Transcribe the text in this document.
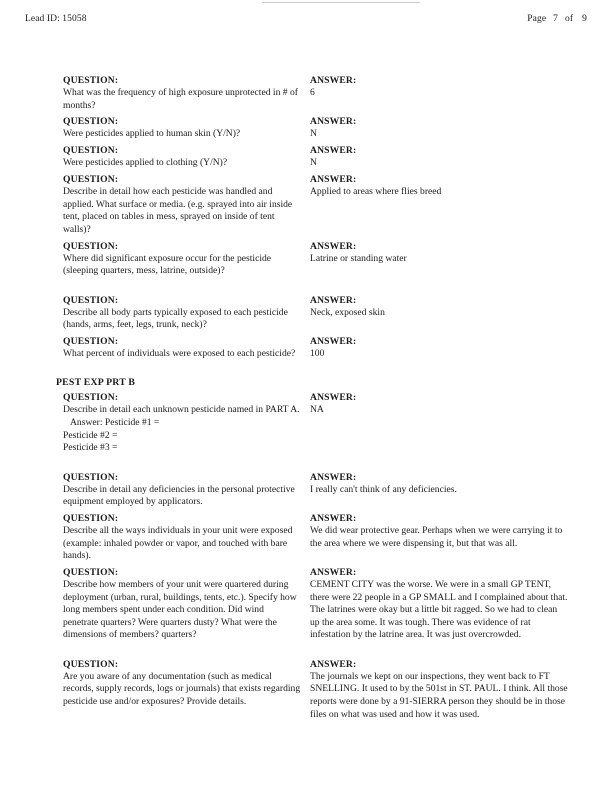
Lead ID: 15058	Page 7 of 9
QUESTION:
What was the frequency of high exposure unprotected in # of months?
ANSWER:
6
QUESTION:
Were pesticides applied to human skin (Y/N)?
ANSWER:
N
QUESTION:
Were pesticides applied to clothing (Y/N)?
ANSWER:
N
QUESTION:
Describe in detail how each pesticide was handled and applied. What surface or media. (e.g. sprayed into air inside tent, placed on tables in mess, sprayed on inside of tent walls)?
ANSWER:
Applied to areas where flies breed
QUESTION:
Where did significant exposure occur for the pesticide (sleeping quarters, mess, latrine, outside)?
ANSWER:
Latrine or standing water
QUESTION:
Describe all body parts typically exposed to each pesticide (hands, arms, feet, legs, trunk, neck)?
ANSWER:
Neck, exposed skin
QUESTION:
What percent of individuals were exposed to each pesticide?
ANSWER:
100
PEST EXP PRT B
QUESTION:
Describe in detail each unknown pesticide named in PART A.
Answer: Pesticide #1 =
Pesticide #2 =
Pesticide #3 =
ANSWER:
NA
QUESTION:
Describe in detail any deficiencies in the personal protective equipment employed by applicators.
ANSWER:
I really can't think of any deficiencies.
QUESTION:
Describe all the ways individuals in your unit were exposed (example: inhaled powder or vapor, and touched with bare hands).
ANSWER:
We did wear protective gear. Perhaps when we were carrying it to the area where we were dispensing it, but that was all.
QUESTION:
Describe how members of your unit were quartered during deployment (urban, rural, buildings, tents, etc.). Specify how long members spent under each condition. Did wind penetrate quarters? Were quarters dusty? What were the dimensions of members? quarters?
ANSWER:
CEMENT CITY was the worse. We were in a small GP TENT, there were 22 people in a GP SMALL and I complained about that. The latrines were okay but a little bit ragged. So we had to clean up the area some. It was tough. There was evidence of rat infestation by the latrine area. It was just overcrowded.
QUESTION:
Are you aware of any documentation (such as medical records, supply records, logs or journals) that exists regarding pesticide use and/or exposures? Provide details.
ANSWER:
The journals we kept on our inspections, they went back to FT SNELLING. It used to by the 501st in ST. PAUL. I think. All those reports were done by a 91-SIERRA person they should be in those files on what was used and how it was used.
